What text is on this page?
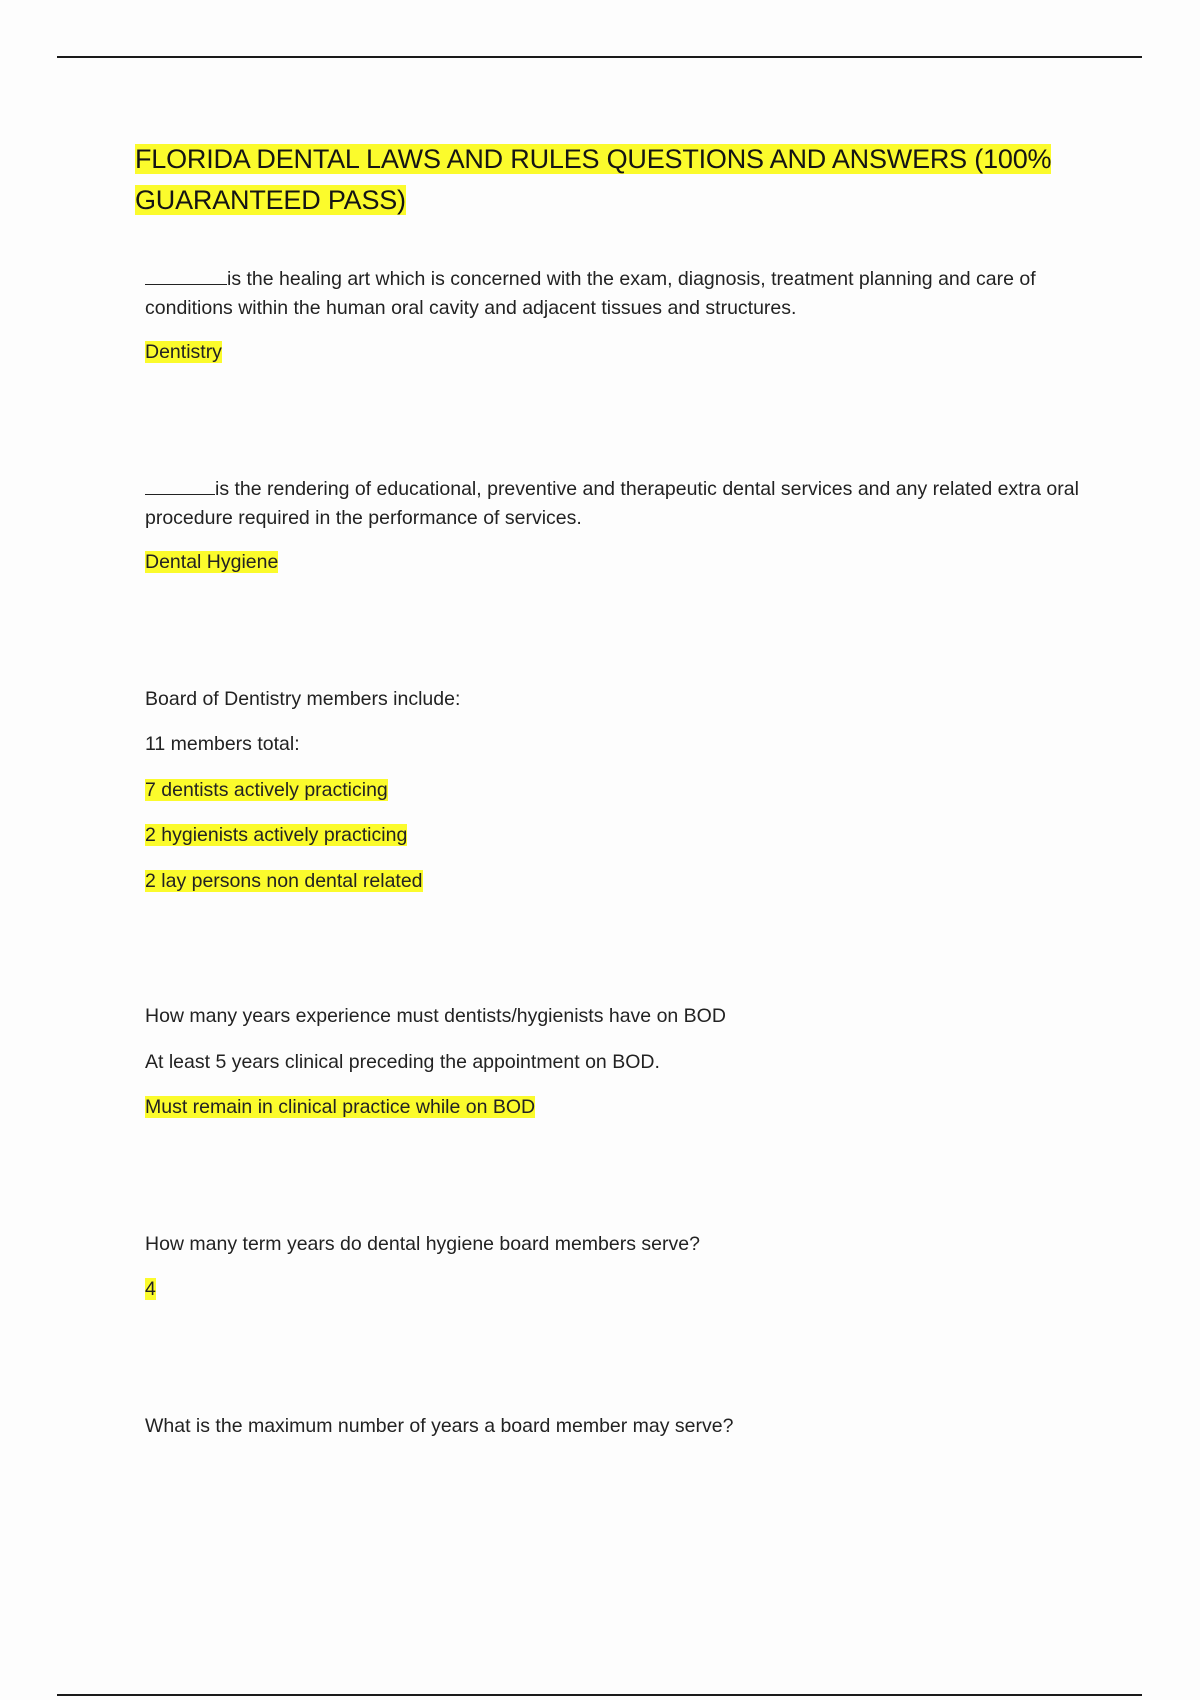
FLORIDA DENTAL LAWS AND RULES QUESTIONS AND ANSWERS (100% GUARANTEED PASS)
is the healing art which is concerned with the exam, diagnosis, treatment planning and care of conditions within the human oral cavity and adjacent tissues and structures.
Dentistry
is the rendering of educational, preventive and therapeutic dental services and any related extra oral procedure required in the performance of services.
Dental Hygiene
Board of Dentistry members include:
11 members total:
7 dentists actively practicing
2 hygienists actively practicing
2 lay persons non dental related
How many years experience must dentists/hygienists have on BOD
At least 5 years clinical preceding the appointment on BOD.
Must remain in clinical practice while on BOD
How many term years do dental hygiene board members serve?
4
What is the maximum number of years a board member may serve?
